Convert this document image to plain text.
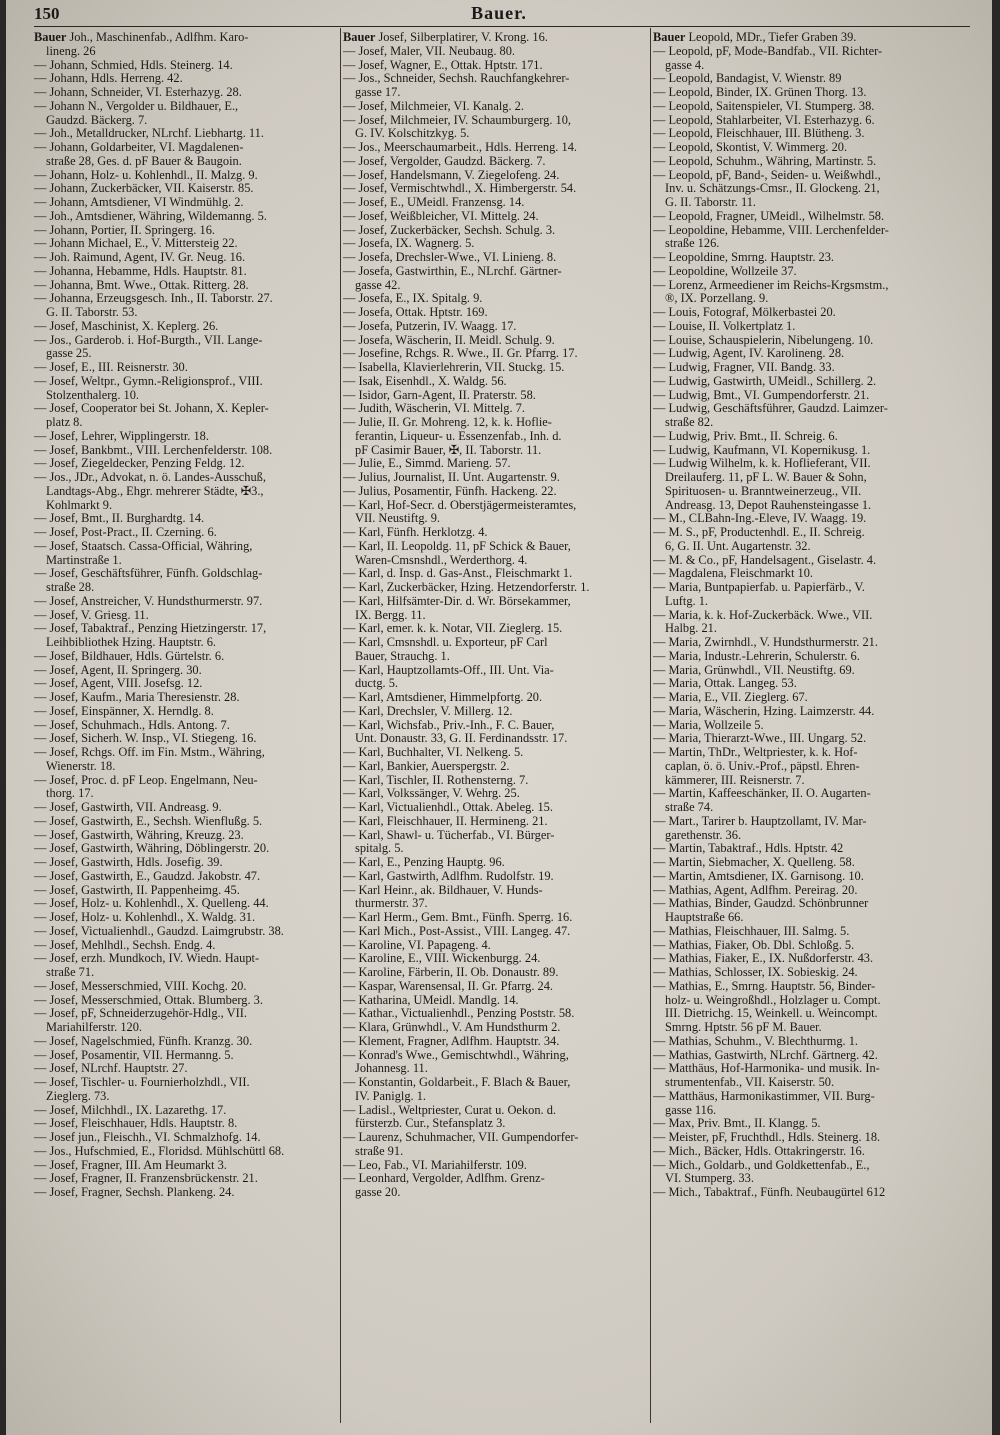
150	Bauer.
Bauer Joh., Maschinenfab., Adlfhm. Karo-
lineng. 26
— Johann, Schmied, Hdls. Steinerg. 14.
— Johann, Hdls. Herreng. 42.
— Johann, Schneider, VI. Esterhazyg. 28.
— Johann N., Vergolder u. Bildhauer, E.,
Gaudzd. Bäckerg. 7.
— Joh., Metalldrucker, NLrchf. Liebhartg. 11.
— Johann, Goldarbeiter, VI. Magdalenen-
straße 28, Ges. d. pF Bauer & Baugoin.
— Johann, Holz- u. Kohlenhdl., II. Malzg. 9.
— Johann, Zuckerbäcker, VII. Kaiserstr. 85.
— Johann, Amtsdiener, VI Windmühlg. 2.
— Joh., Amtsdiener, Währing, Wildemanng. 5.
— Johann, Portier, II. Springerg. 16.
— Johann Michael, E., V. Mittersteig 22.
— Joh. Raimund, Agent, IV. Gr. Neug. 16.
— Johanna, Hebamme, Hdls. Hauptstr. 81.
— Johanna, Bmt. Wwe., Ottak. Ritterg. 28.
— Johanna, Erzeugsgesch. Inh., II. Taborstr. 27.
G. II. Taborstr. 53.
— Josef, Maschinist, X. Keplerg. 26.
— Jos., Garderob. i. Hof-Burgth., VII. Lange-
gasse 25.
— Josef, E., III. Reisnerstr. 30.
— Josef, Weltpr., Gymn.-Religionsprof., VIII.
Stolzenthalerg. 10.
— Josef, Cooperator bei St. Johann, X. Kepler-
platz 8.
— Josef, Lehrer, Wipplingerstr. 18.
— Josef, Bankbmt., VIII. Lerchenfelderstr. 108.
— Josef, Ziegeldecker, Penzing Feldg. 12.
— Jos., JDr., Advokat, n. ö. Landes-Ausschuß,
Landtags-Abg., Ehgr. mehrerer Städte, ✠3.,
Kohlmarkt 9.
— Josef, Bmt., II. Burghardtg. 14.
— Josef, Post-Pract., II. Czerning. 6.
— Josef, Staatsch. Cassa-Official, Währing,
Martinstraße 1.
— Josef, Geschäftsführer, Fünfh. Goldschlag-
straße 28.
— Josef, Anstreicher, V. Hundsthurmerstr. 97.
— Josef, V. Griesg. 11.
— Josef, Tabaktraf., Penzing Hietzingerstr. 17,
Leihbibliothek Hzing. Hauptstr. 6.
— Josef, Bildhauer, Hdls. Gürtelstr. 6.
— Josef, Agent, II. Springerg. 30.
— Josef, Agent, VIII. Josefsg. 12.
— Josef, Kaufm., Maria Theresienstr. 28.
— Josef, Einspänner, X. Herndlg. 8.
— Josef, Schuhmach., Hdls. Antong. 7.
— Josef, Sicherh. W. Insp., VI. Stiegeng. 16.
— Josef, Rchgs. Off. im Fin. Mstm., Währing,
Wienerstr. 18.
— Josef, Proc. d. pF Leop. Engelmann, Neu-
thorg. 17.
— Josef, Gastwirth, VII. Andreasg. 9.
— Josef, Gastwirth, E., Sechsh. Wienflußg. 5.
— Josef, Gastwirth, Währing, Kreuzg. 23.
— Josef, Gastwirth, Währing, Döblingerstr. 20.
— Josef, Gastwirth, Hdls. Josefig. 39.
— Josef, Gastwirth, E., Gaudzd. Jakobstr. 47.
— Josef, Gastwirth, II. Pappenheimg. 45.
— Josef, Holz- u. Kohlenhdl., X. Quelleng. 44.
— Josef, Holz- u. Kohlenhdl., X. Waldg. 31.
— Josef, Victualienhdl., Gaudzd. Laimgrubstr. 38.
— Josef, Mehlhdl., Sechsh. Endg. 4.
— Josef, erzh. Mundkoch, IV. Wiedn. Haupt-
straße 71.
— Josef, Messerschmied, VIII. Kochg. 20.
— Josef, Messerschmied, Ottak. Blumberg. 3.
— Josef, pF, Schneiderzugehör-Hdlg., VII.
Mariahilferstr. 120.
— Josef, Nagelschmied, Fünfh. Kranzg. 30.
— Josef, Posamentir, VII. Hermanng. 5.
— Josef, NLrchf. Hauptstr. 27.
— Josef, Tischler- u. Fournierholzhdl., VII.
Zieglerg. 73.
— Josef, Milchhdl., IX. Lazarethg. 17.
— Josef, Fleischhauer, Hdls. Hauptstr. 8.
— Josef jun., Fleischh., VI. Schmalzhofg. 14.
— Jos., Hufschmied, E., Floridsd. Mühlschüttl 68.
— Josef, Fragner, III. Am Heumarkt 3.
— Josef, Fragner, II. Franzensbrückenstr. 21.
— Josef, Fragner, Sechsh. Plankeng. 24.
Bauer Josef, Silberplatirer, V. Krong. 16.
— Josef, Maler, VII. Neubaug. 80.
— Josef, Wagner, E., Ottak. Hptstr. 171.
— Jos., Schneider, Sechsh. Rauchfangkehrer-
gasse 17.
— Josef, Milchmeier, VI. Kanalg. 2.
— Josef, Milchmeier, IV. Schaumburgerg. 10,
G. IV. Kolschitzkyg. 5.
— Jos., Meerschaumarbeit., Hdls. Herreng. 14.
— Josef, Vergolder, Gaudzd. Bäckerg. 7.
— Josef, Handelsmann, V. Ziegelofeng. 24.
— Josef, Vermischtwhdl., X. Himbergerstr. 54.
— Josef, E., UMeidl. Franzensg. 14.
— Josef, Weißbleicher, VI. Mittelg. 24.
— Josef, Zuckerbäcker, Sechsh. Schulg. 3.
— Josefa, IX. Wagnerg. 5.
— Josefa, Drechsler-Wwe., VI. Linieng. 8.
— Josefa, Gastwirthin, E., NLrchf. Gärtner-
gasse 42.
— Josefa, E., IX. Spitalg. 9.
— Josefa, Ottak. Hptstr. 169.
— Josefa, Putzerin, IV. Waagg. 17.
— Josefa, Wäscherin, II. Meidl. Schulg. 9.
— Josefine, Rchgs. R. Wwe., II. Gr. Pfarrg. 17.
— Isabella, Klavierlehrerin, VII. Stuckg. 15.
— Isak, Eisenhdl., X. Waldg. 56.
— Isidor, Garn-Agent, II. Praterstr. 58.
— Judith, Wäscherin, VI. Mittelg. 7.
— Julie, II. Gr. Mohreng. 12, k. k. Hoflie-
ferantin, Liqueur- u. Essenzenfab., Inh. d.
pF Casimir Bauer, ✠, II. Taborstr. 11.
— Julie, E., Simmd. Marieng. 57.
— Julius, Journalist, II. Unt. Augartenstr. 9.
— Julius, Posamentir, Fünfh. Hackeng. 22.
— Karl, Hof-Secr. d. Oberstjägermeisteramtes,
VII. Neustiftg. 9.
— Karl, Fünfh. Herklotzg. 4.
— Karl, II. Leopoldg. 11, pF Schick & Bauer,
Waren-Cmsnshdl., Werderthorg. 4.
— Karl, d. Insp. d. Gas-Anst., Fleischmarkt 1.
— Karl, Zuckerbäcker, Hzing. Hetzendorferstr. 1.
— Karl, Hilfsämter-Dir. d. Wr. Börsekammer,
IX. Bergg. 11.
— Karl, emer. k. k. Notar, VII. Zieglerg. 15.
— Karl, Cmsnshdl. u. Exporteur, pF Carl
Bauer, Strauchg. 1.
— Karl, Hauptzollamts-Off., III. Unt. Via-
ductg. 5.
— Karl, Amtsdiener, Himmelpfortg. 20.
— Karl, Drechsler, V. Millerg. 12.
— Karl, Wichsfab., Priv.-Inh., F. C. Bauer,
Unt. Donaustr. 33, G. II. Ferdinandsstr. 17.
— Karl, Buchhalter, VI. Nelkeng. 5.
— Karl, Bankier, Auerspergstr. 2.
— Karl, Tischler, II. Rothensterng. 7.
— Karl, Volkssänger, V. Wehrg. 25.
— Karl, Victualienhdl., Ottak. Abeleg. 15.
— Karl, Fleischhauer, II. Hermineng. 21.
— Karl, Shawl- u. Tücherfab., VI. Bürger-
spitalg. 5.
— Karl, E., Penzing Hauptg. 96.
— Karl, Gastwirth, Adlfhm. Rudolfstr. 19.
— Karl Heinr., ak. Bildhauer, V. Hunds-
thurmerstr. 37.
— Karl Herm., Gem. Bmt., Fünfh. Sperrg. 16.
— Karl Mich., Post-Assist., VIII. Langeg. 47.
— Karoline, VI. Papageng. 4.
— Karoline, E., VIII. Wickenburgg. 24.
— Karoline, Färberin, II. Ob. Donaustr. 89.
— Kaspar, Warensensal, II. Gr. Pfarrg. 24.
— Katharina, UMeidl. Mandlg. 14.
— Kathar., Victualienhdl., Penzing Poststr. 58.
— Klara, Grünwhdl., V. Am Hundsthurm 2.
— Klement, Fragner, Adlfhm. Hauptstr. 34.
— Konrad's Wwe., Gemischtwhdl., Währing,
Johannesg. 11.
— Konstantin, Goldarbeit., F. Blach & Bauer,
IV. Paniglg. 1.
— Ladisl., Weltpriester, Curat u. Oekon. d.
fürsterzb. Cur., Stefansplatz 3.
— Laurenz, Schuhmacher, VII. Gumpendorfer-
straße 91.
— Leo, Fab., VI. Mariahilferstr. 109.
— Leonhard, Vergolder, Adlfhm. Grenz-
gasse 20.
Bauer Leopold, MDr., Tiefer Graben 39.
— Leopold, pF, Mode-Bandfab., VII. Richter-
gasse 4.
— Leopold, Bandagist, V. Wienstr. 89
— Leopold, Binder, IX. Grünen Thorg. 13.
— Leopold, Saitenspieler, VI. Stumperg. 38.
— Leopold, Stahlarbeiter, VI. Esterhazyg. 6.
— Leopold, Fleischhauer, III. Blütheng. 3.
— Leopold, Skontist, V. Wimmerg. 20.
— Leopold, Schuhm., Währing, Martinstr. 5.
— Leopold, pF, Band-, Seiden- u. Weißwhdl.,
Inv. u. Schätzungs-Cmsr., II. Glockeng. 21,
G. II. Taborstr. 11.
— Leopold, Fragner, UMeidl., Wilhelmstr. 58.
— Leopoldine, Hebamme, VIII. Lerchenfelder-
straße 126.
— Leopoldine, Smrng. Hauptstr. 23.
— Leopoldine, Wollzeile 37.
— Lorenz, Armeediener im Reichs-Krgsmstm.,
®, IX. Porzellang. 9.
— Louis, Fotograf, Mölkerbastei 20.
— Louise, II. Volkertplatz 1.
— Louise, Schauspielerin, Nibelungeng. 10.
— Ludwig, Agent, IV. Karolineng. 28.
— Ludwig, Fragner, VII. Bandg. 33.
— Ludwig, Gastwirth, UMeidl., Schillerg. 2.
— Ludwig, Bmt., VI. Gumpendorferstr. 21.
— Ludwig, Geschäftsführer, Gaudzd. Laimzer-
straße 82.
— Ludwig, Priv. Bmt., II. Schreig. 6.
— Ludwig, Kaufmann, VI. Kopernikusg. 1.
— Ludwig Wilhelm, k. k. Hoflieferant, VII.
Dreilauferg. 11, pF L. W. Bauer & Sohn,
Spirituosen- u. Branntweinerzeug., VII.
Andreasg. 13, Depot Rauhensteingasse 1.
— M., CLBahn-Ing.-Eleve, IV. Waagg. 19.
— M. S., pF, Productenhdl. E., II. Schreig.
6, G. II. Unt. Augartenstr. 32.
— M. & Co., pF, Handelsagent., Giselastr. 4.
— Magdalena, Fleischmarkt 10.
— Maria, Buntpapierfab. u. Papierfärb., V.
Luftg. 1.
— Maria, k. k. Hof-Zuckerbäck. Wwe., VII.
Halbg. 21.
— Maria, Zwirnhdl., V. Hundsthurmerstr. 21.
— Maria, Industr.-Lehrerin, Schulerstr. 6.
— Maria, Grünwhdl., VII. Neustiftg. 69.
— Maria, Ottak. Langeg. 53.
— Maria, E., VII. Zieglerg. 67.
— Maria, Wäscherin, Hzing. Laimzerstr. 44.
— Maria, Wollzeile 5.
— Maria, Thierarzt-Wwe., III. Ungarg. 52.
— Martin, ThDr., Weltpriester, k. k. Hof-
caplan, ö. ö. Univ.-Prof., päpstl. Ehren-
kämmerer, III. Reisnerstr. 7.
— Martin, Kaffeeschänker, II. O. Augarten-
straße 74.
— Mart., Tarirer b. Hauptzollamt, IV. Mar-
garethenstr. 36.
— Martin, Tabaktraf., Hdls. Hptstr. 42
— Martin, Siebmacher, X. Quelleng. 58.
— Martin, Amtsdiener, IX. Garnisong. 10.
— Mathias, Agent, Adlfhm. Pereirag. 20.
— Mathias, Binder, Gaudzd. Schönbrunner
Hauptstraße 66.
— Mathias, Fleischhauer, III. Salmg. 5.
— Mathias, Fiaker, Ob. Dbl. Schloßg. 5.
— Mathias, Fiaker, E., IX. Nußdorferstr. 43.
— Mathias, Schlosser, IX. Sobieskig. 24.
— Mathias, E., Smrng. Hauptstr. 56, Binder-
holz- u. Weingroßhdl., Holzlager u. Compt.
III. Dietrichg. 15, Weinkell. u. Weincompt.
Smrng. Hptstr. 56 pF M. Bauer.
— Mathias, Schuhm., V. Blechthurmg. 1.
— Mathias, Gastwirth, NLrchf. Gärtnerg. 42.
— Matthäus, Hof-Harmonika- und musik. In-
strumentenfab., VII. Kaiserstr. 50.
— Matthäus, Harmonikastimmer, VII. Burg-
gasse 116.
— Max, Priv. Bmt., II. Klangg. 5.
— Meister, pF, Fruchthdl., Hdls. Steinerg. 18.
— Mich., Bäcker, Hdls. Ottakringerstr. 16.
— Mich., Goldarb., und Goldkettenfab., E.,
VI. Stumperg. 33.
— Mich., Tabaktraf., Fünfh. Neubaugürtel 612
